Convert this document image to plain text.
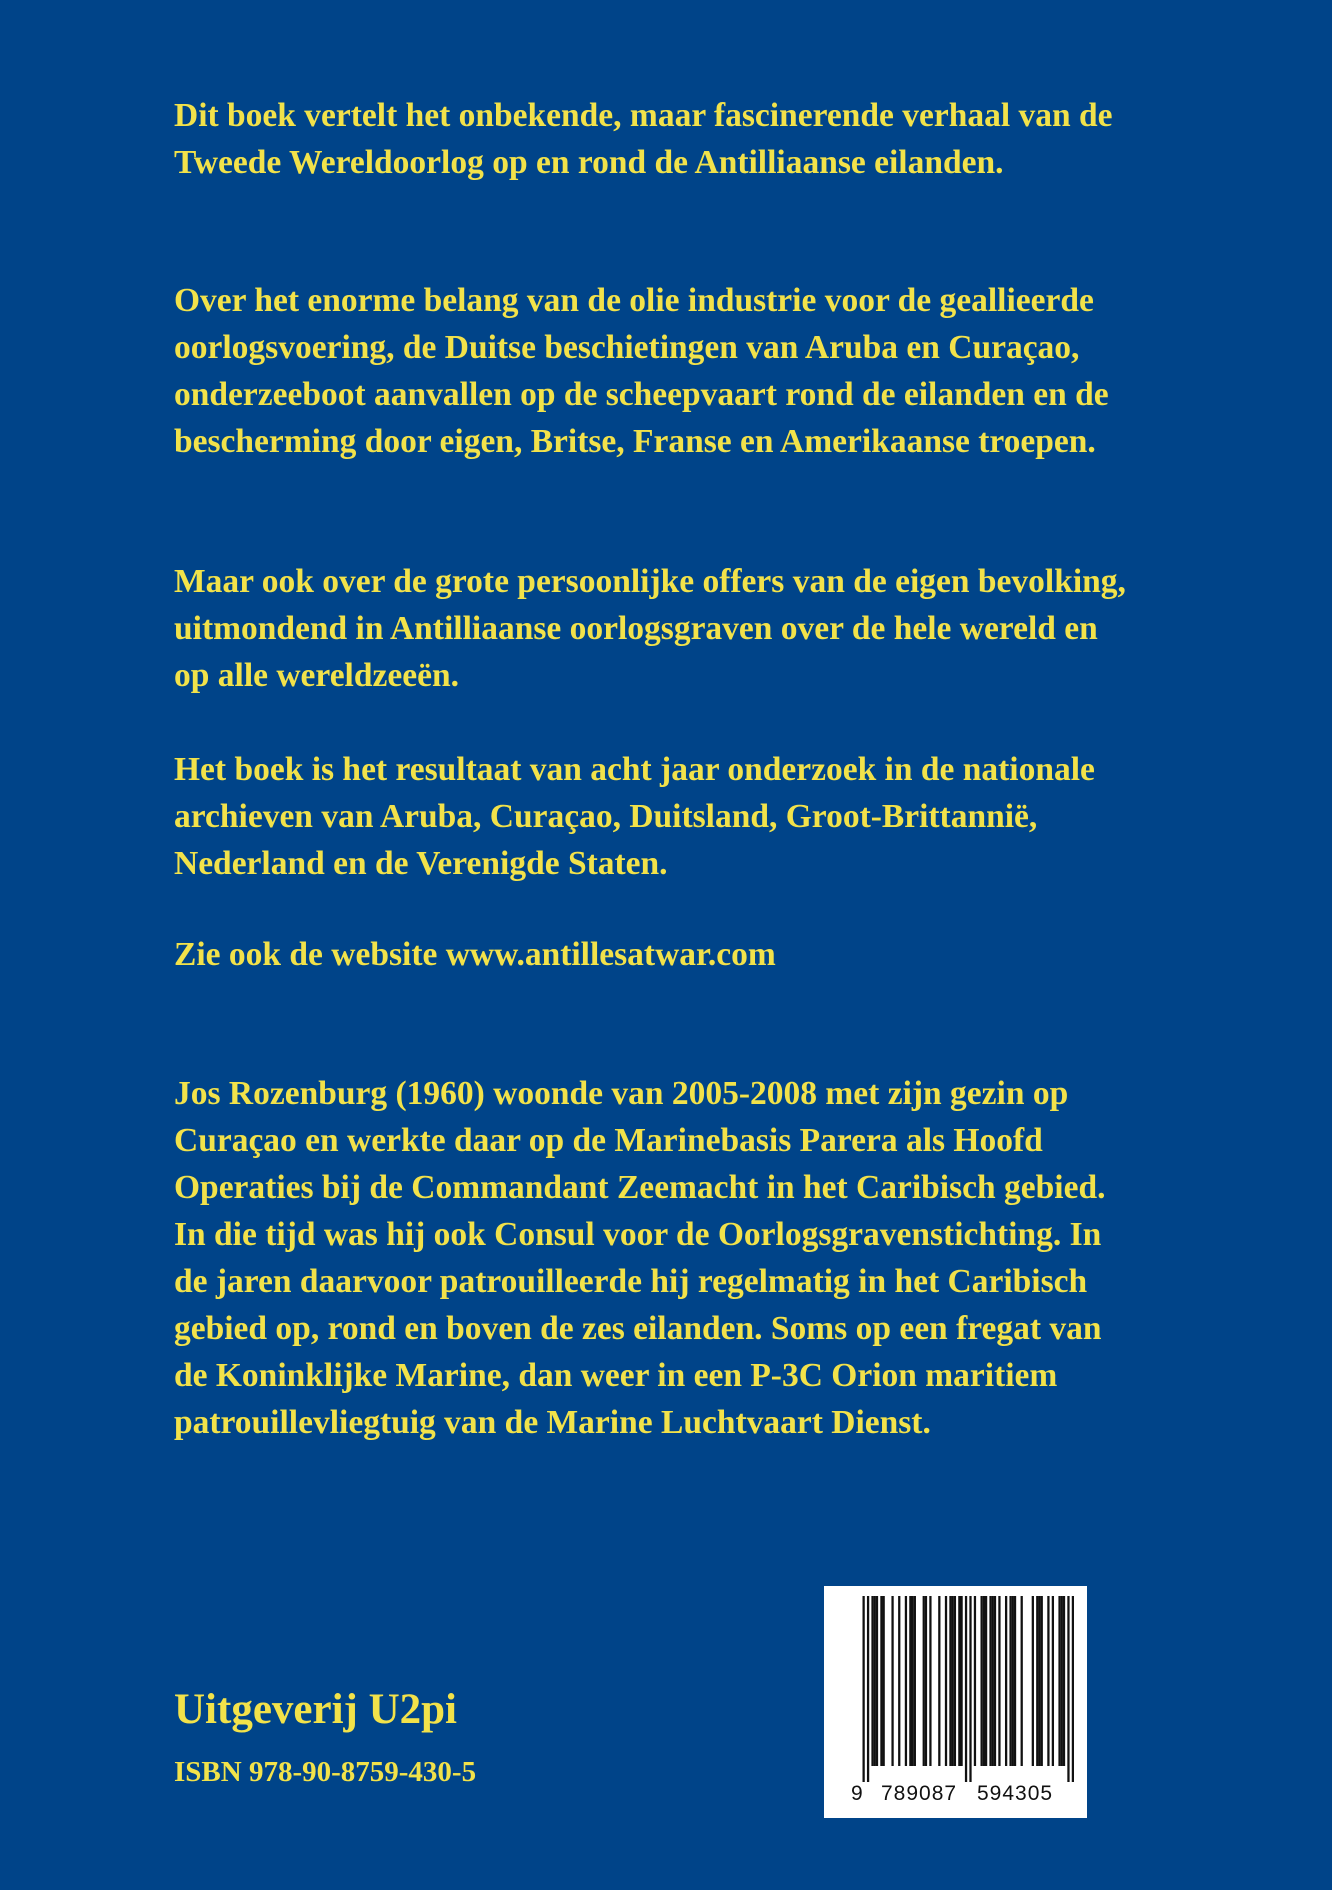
Dit boek vertelt het onbekende, maar fascinerende verhaal van de Tweede Wereldoorlog op en rond de Antilliaanse eilanden.
Over het enorme belang van de olie industrie voor de geallieerde oorlogsvoering, de Duitse beschietingen van Aruba en Curaçao, onderzeeboot aanvallen op de scheepvaart rond de eilanden en de bescherming door eigen, Britse, Franse en Amerikaanse troepen.
Maar ook over de grote persoonlijke offers van de eigen bevolking, uitmondend in Antilliaanse oorlogsgraven over de hele wereld en op alle wereldzeeën.
Het boek is het resultaat van acht jaar onderzoek in de nationale archieven van Aruba, Curaçao, Duitsland, Groot-Brittannië, Nederland en de Verenigde Staten.
Zie ook de website www.antillesatwar.com
Jos Rozenburg (1960) woonde van 2005-2008 met zijn gezin op Curaçao en werkte daar op de Marinebasis Parera als Hoofd Operaties bij de Commandant Zeemacht in het Caribisch gebied. In die tijd was hij ook Consul voor de Oorlogsgravenstichting. In de jaren daarvoor patrouilleerde hij regelmatig in het Caribisch gebied op, rond en boven de zes eilanden. Soms op een fregat van de Koninklijke Marine, dan weer in een P-3C Orion maritiem patrouillevliegtuig van de Marine Luchtvaart Dienst.
Uitgeverij U2pi
ISBN 978-90-8759-430-5
9 789087 594305
